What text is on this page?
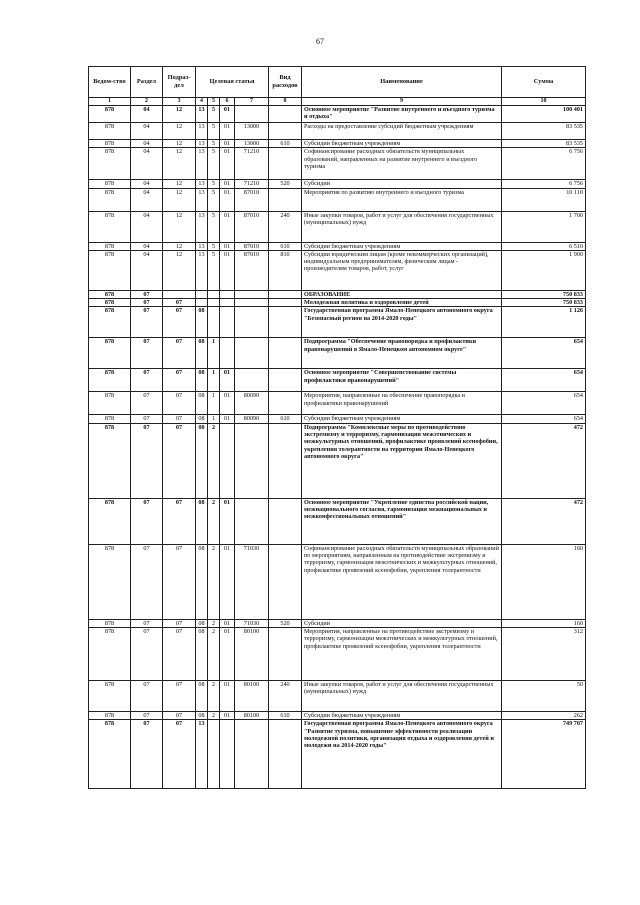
67
Ведом-ство	Раздел	Подраз-дел	Целевая статья				Вид расходов	Наименование	Сумма
1	2	3	4	5	6	7	8	9	10
878	04	12	13	5	01			Основное мероприятие "Развитие внутреннего и въездного туризма и отдыха"	100 401
878	04	12	13	5	01	13000		Расходы на предоставление субсидий бюджетным учреждениям	83 535
878	04	12	13	5	01	13000	610	Субсидии бюджетным учреждениям	83 535
878	04	12	13	5	01	71210		Софинансирование расходных обязательств муниципальных образований, направленных на развитие внутреннего и въездного туризма	6 756
878	04	12	13	5	01	71210	520	Субсидии	6 756
878	04	12	13	5	01	87010		Мероприятия по развитию внутреннего и въездного туризма	10 110
878	04	12	13	5	01	87010	240	Иные закупки товаров, работ и услуг для обеспечения государственных (муниципальных) нужд	1 700
878	04	12	13	5	01	87010	610	Субсидии бюджетным учреждениям	6 510
878	04	12	13	5	01	87010	810	Субсидии юридическим лицам (кроме некоммерческих организаций), индивидуальным предпринимателям, физическим лицам - производителям товаров, работ, услуг	1 900
878	07							ОБРАЗОВАНИЕ	750 833
878	07	07						Молодежная политика и оздоровление детей	750 833
878	07	07	08					Государственная программа Ямало-Ненецкого автономного округа "Безопасный регион на 2014-2020 годы"	1 126
878	07	07	08	1				Подпрограмма "Обеспечение правопорядка и профилактики правонарушений в Ямало-Ненецком автономном округе"	654
878	07	07	08	1	01			Основное мероприятие "Совершенствование системы профилактики правонарушений"	654
878	07	07	08	1	01	80090		Мероприятия, направленные на обеспечение правопорядка и профилактики правонарушений	654
878	07	07	08	1	01	80090	610	Субсидии бюджетным учреждениям	654
878	07	07	08	2				Подпрограмма "Комплексные меры по противодействию экстремизму и терроризму, гармонизация межэтнических и межкультурных отношений, профилактике проявлений ксенофобии, укрепления толерантности на территории Ямало-Ненецкого автономного округа"	472
878	07	07	08	2	01			Основное мероприятие "Укрепление единства российской нации, межнационального согласия, гармонизация межнациональных и межконфессиональных отношений"	472
878	07	07	08	2	01	71030		Софинансирование расходных обязательств муниципальных образований по мероприятиям, направленным на противодействие экстремизму и терроризму, гармонизация межэтнических и межкультурных отношений, профилактике проявлений ксенофобии, укрепления толерантности	160
878	07	07	08	2	01	71030	520	Субсидии	160
878	07	07	08	2	01	80100		Мероприятия, направленные на противодействие экстремизму и терроризму, гармонизации межэтнических и межкультурных отношений, профилактике проявлений ксенофобии, укрепления толерантности	312
878	07	07	08	2	01	80100	240	Иные закупки товаров, работ и услуг для обеспечения государственных (муниципальных) нужд	50
878	07	07	08	2	01	80100	610	Субсидии бюджетным учреждениям	262
878	07	07	13					Государственная программа Ямало-Ненецкого автономного округа "Развитие туризма, повышение эффективности реализации молодежной политики, организация отдыха и оздоровления детей и молодежи на 2014-2020 годы"	749 707
